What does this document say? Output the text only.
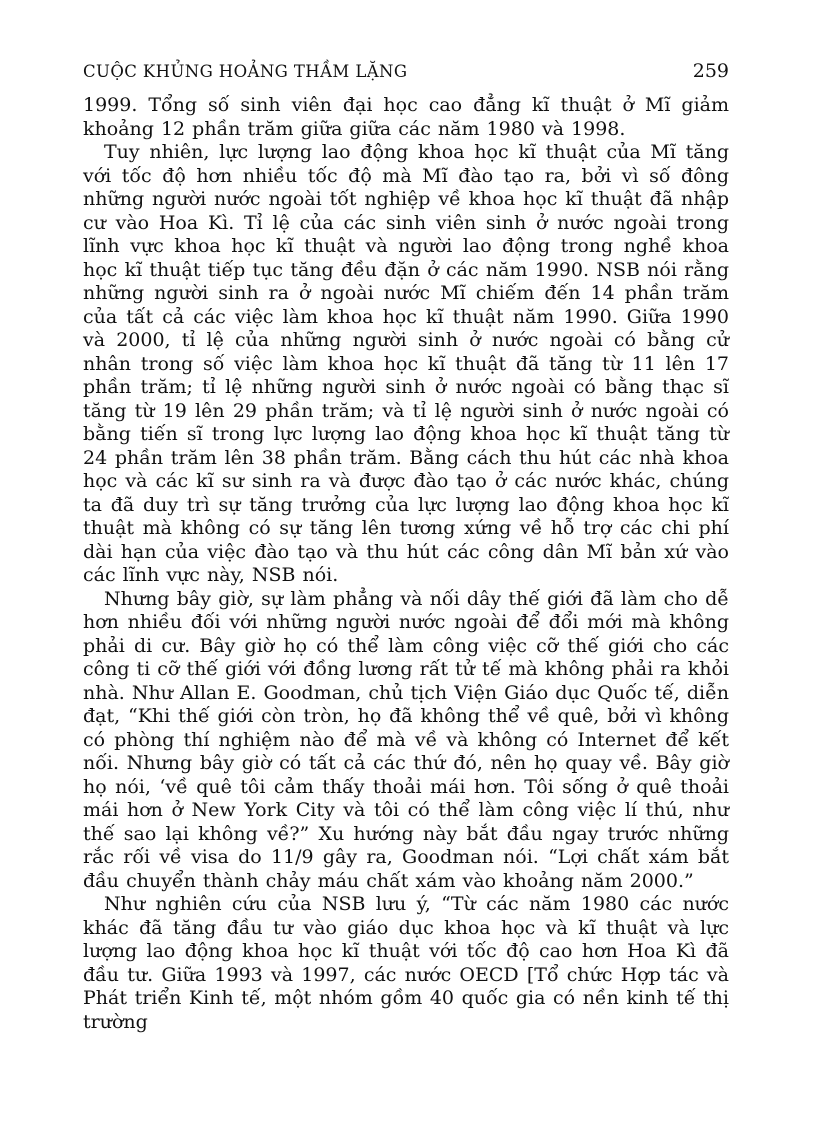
CUỘC KHỦNG HOẢNG THẦM LẶNG	259

1999. Tổng số sinh viên đại học cao đẳng kĩ thuật ở Mĩ giảm khoảng 12 phần trăm giữa giữa các năm 1980 và 1998.

Tuy nhiên, lực lượng lao động khoa học kĩ thuật của Mĩ tăng với tốc độ hơn nhiều tốc độ mà Mĩ đào tạo ra, bởi vì số đông những người nước ngoài tốt nghiệp về khoa học kĩ thuật đã nhập cư vào Hoa Kì. Tỉ lệ của các sinh viên sinh ở nước ngoài trong lĩnh vực khoa học kĩ thuật và người lao động trong nghề khoa học kĩ thuật tiếp tục tăng đều đặn ở các năm 1990. NSB nói rằng những người sinh ra ở ngoài nước Mĩ chiếm đến 14 phần trăm của tất cả các việc làm khoa học kĩ thuật năm 1990. Giữa 1990 và 2000, tỉ lệ của những người sinh ở nước ngoài có bằng cử nhân trong số việc làm khoa học kĩ thuật đã tăng từ 11 lên 17 phần trăm; tỉ lệ những người sinh ở nước ngoài có bằng thạc sĩ tăng từ 19 lên 29 phần trăm; và tỉ lệ người sinh ở nước ngoài có bằng tiến sĩ trong lực lượng lao động khoa học kĩ thuật tăng từ 24 phần trăm lên 38 phần trăm. Bằng cách thu hút các nhà khoa học và các kĩ sư sinh ra và được đào tạo ở các nước khác, chúng ta đã duy trì sự tăng trưởng của lực lượng lao động khoa học kĩ thuật mà không có sự tăng lên tương xứng về hỗ trợ các chi phí dài hạn của việc đào tạo và thu hút các công dân Mĩ bản xứ vào các lĩnh vực này, NSB nói.

Nhưng bây giờ, sự làm phẳng và nối dây thế giới đã làm cho dễ hơn nhiều đối với những người nước ngoài để đổi mới mà không phải di cư. Bây giờ họ có thể làm công việc cỡ thế giới cho các công ti cỡ thế giới với đồng lương rất tử tế mà không phải ra khỏi nhà. Như Allan E. Goodman, chủ tịch Viện Giáo dục Quốc tế, diễn đạt, “Khi thế giới còn tròn, họ đã không thể về quê, bởi vì không có phòng thí nghiệm nào để mà về và không có Internet để kết nối. Nhưng bây giờ có tất cả các thứ đó, nên họ quay về. Bây giờ họ nói, ‘về quê tôi cảm thấy thoải mái hơn. Tôi sống ở quê thoải mái hơn ở New York City và tôi có thể làm công việc lí thú, như thế sao lại không về?” Xu hướng này bắt đầu ngay trước những rắc rối về visa do 11/9 gây ra, Goodman nói. “Lợi chất xám bắt đầu chuyển thành chảy máu chất xám vào khoảng năm 2000.”

Như nghiên cứu của NSB lưu ý, “Từ các năm 1980 các nước khác đã tăng đầu tư vào giáo dục khoa học và kĩ thuật và lực lượng lao động khoa học kĩ thuật với tốc độ cao hơn Hoa Kì đã đầu tư. Giữa 1993 và 1997, các nước OECD [Tổ chức Hợp tác và Phát triển Kinh tế, một nhóm gồm 40 quốc gia có nền kinh tế thị trường
